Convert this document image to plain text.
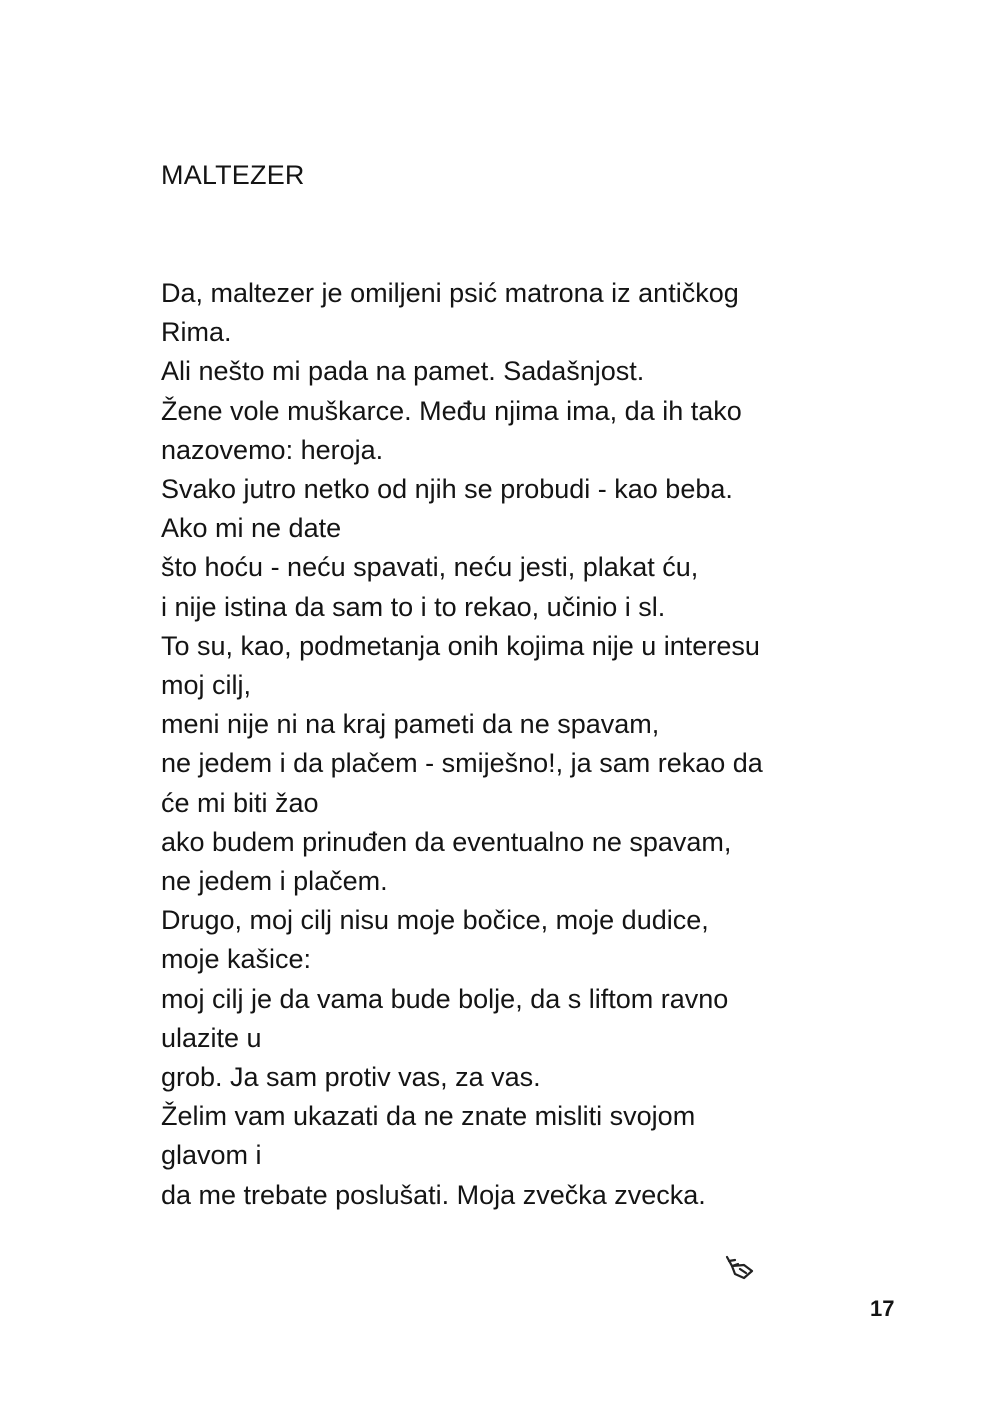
MALTEZER
Da, maltezer je omiljeni psić matrona iz antičkog
Rima.
Ali nešto mi pada na pamet. Sadašnjost.
Žene vole muškarce. Među njima ima, da ih tako
nazovemo: heroja.
Svako jutro netko od njih se probudi - kao beba.
Ako mi ne date
što hoću - neću spavati, neću jesti, plakat ću,
i nije istina da sam to i to rekao, učinio i sl.
To su, kao, podmetanja onih kojima nije u interesu
moj cilj,
meni nije ni na kraj pameti da ne spavam,
ne jedem i da plačem - smiješno!, ja sam rekao da
će mi biti žao
ako budem prinuđen da eventualno ne spavam,
ne jedem i plačem.
Drugo, moj cilj nisu moje bočice, moje dudice,
moje kašice:
moj cilj je da vama bude bolje, da s liftom ravno
ulazite u
grob. Ja sam protiv vas, za vas.
Želim vam ukazati da ne znate misliti svojom
glavom i
da me trebate poslušati. Moja zvečka zvecka.

17
